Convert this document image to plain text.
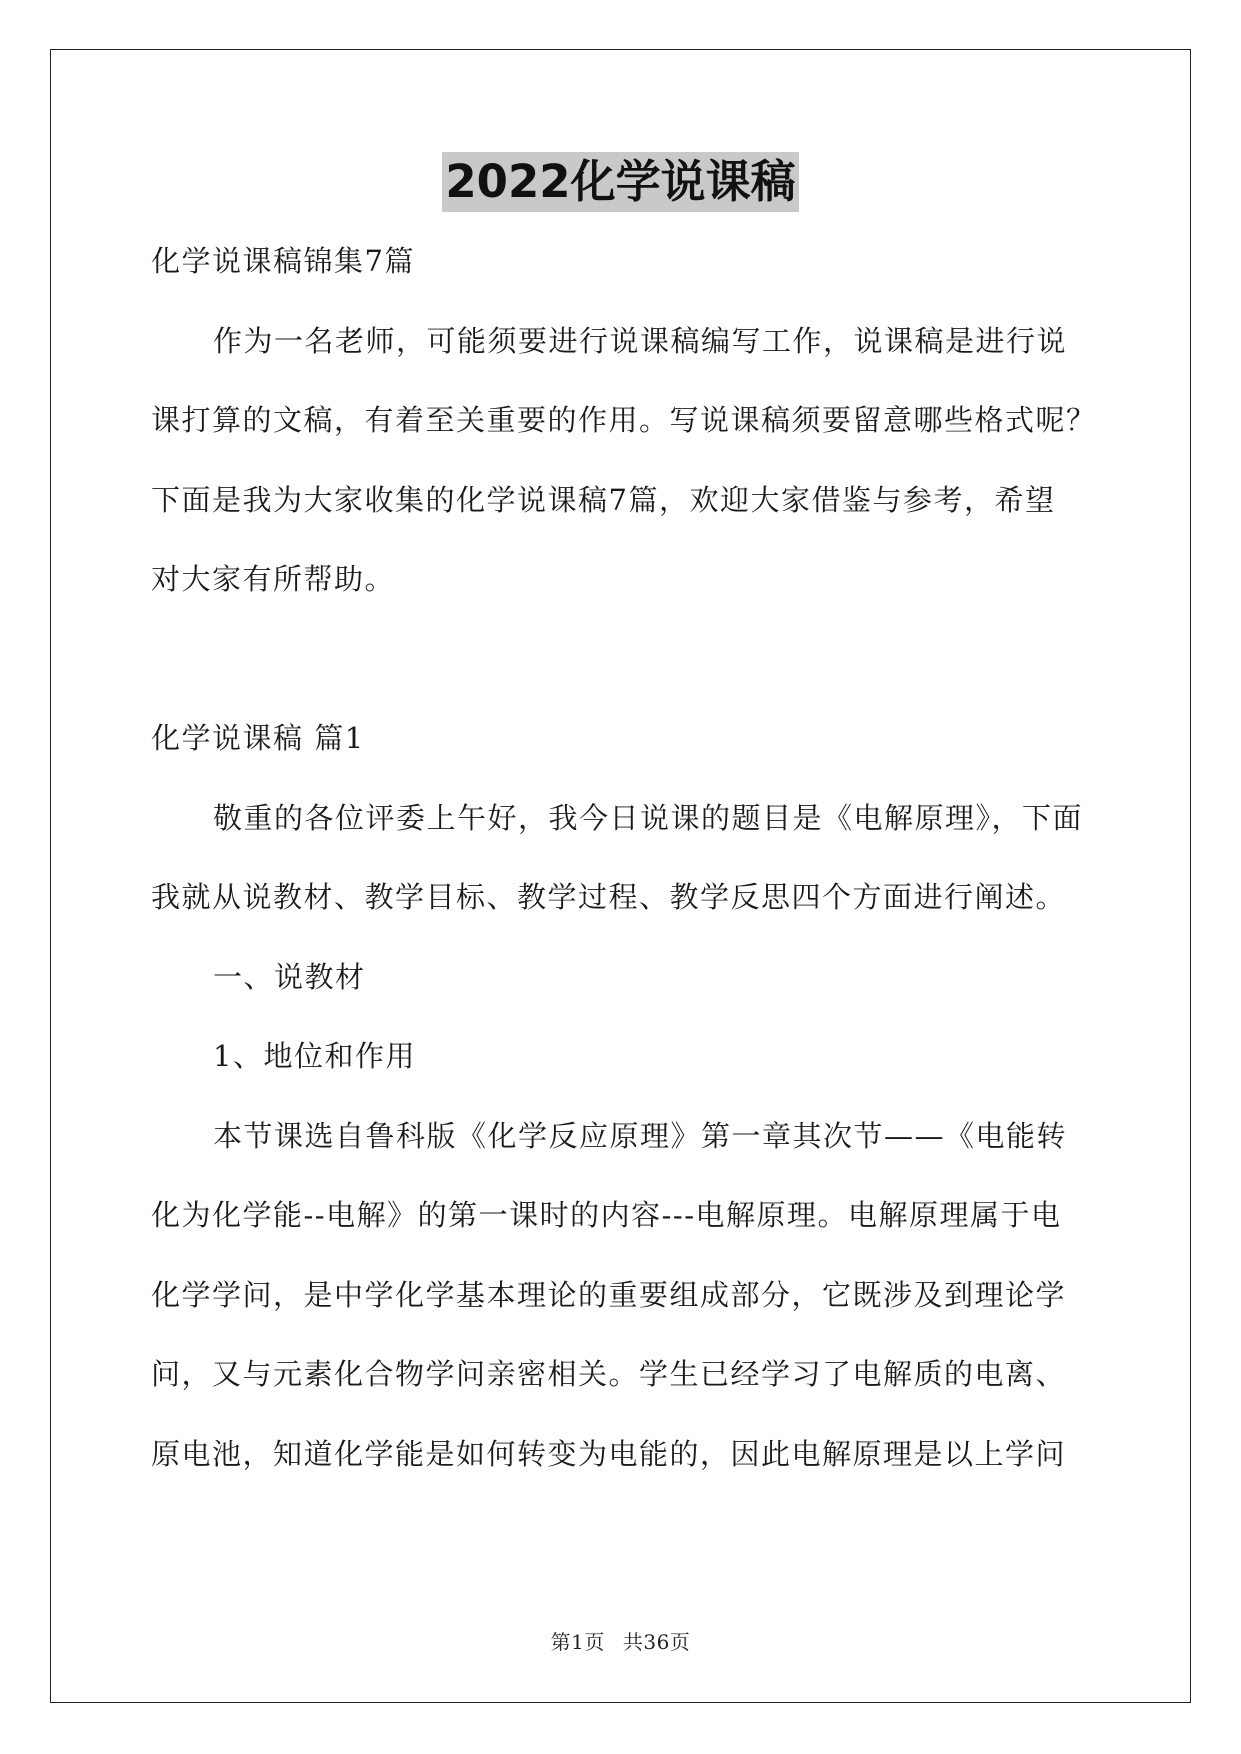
2022化学说课稿
化学说课稿锦集7篇
作为一名老师，可能须要进行说课稿编写工作，说课稿是进行说
课打算的文稿，有着至关重要的作用。写说课稿须要留意哪些格式呢？
下面是我为大家收集的化学说课稿7篇，欢迎大家借鉴与参考，希望
对大家有所帮助。
化学说课稿 篇1
敬重的各位评委上午好，我今日说课的题目是《电解原理》，下面
我就从说教材、教学目标、教学过程、教学反思四个方面进行阐述。
一、说教材
1、地位和作用
本节课选自鲁科版《化学反应原理》第一章其次节——《电能转
化为化学能--电解》的第一课时的内容---电解原理。电解原理属于电
化学学问，是中学化学基本理论的重要组成部分，它既涉及到理论学
问，又与元素化合物学问亲密相关。学生已经学习了电解质的电离、
原电池，知道化学能是如何转变为电能的，因此电解原理是以上学问
第1页 共36页
